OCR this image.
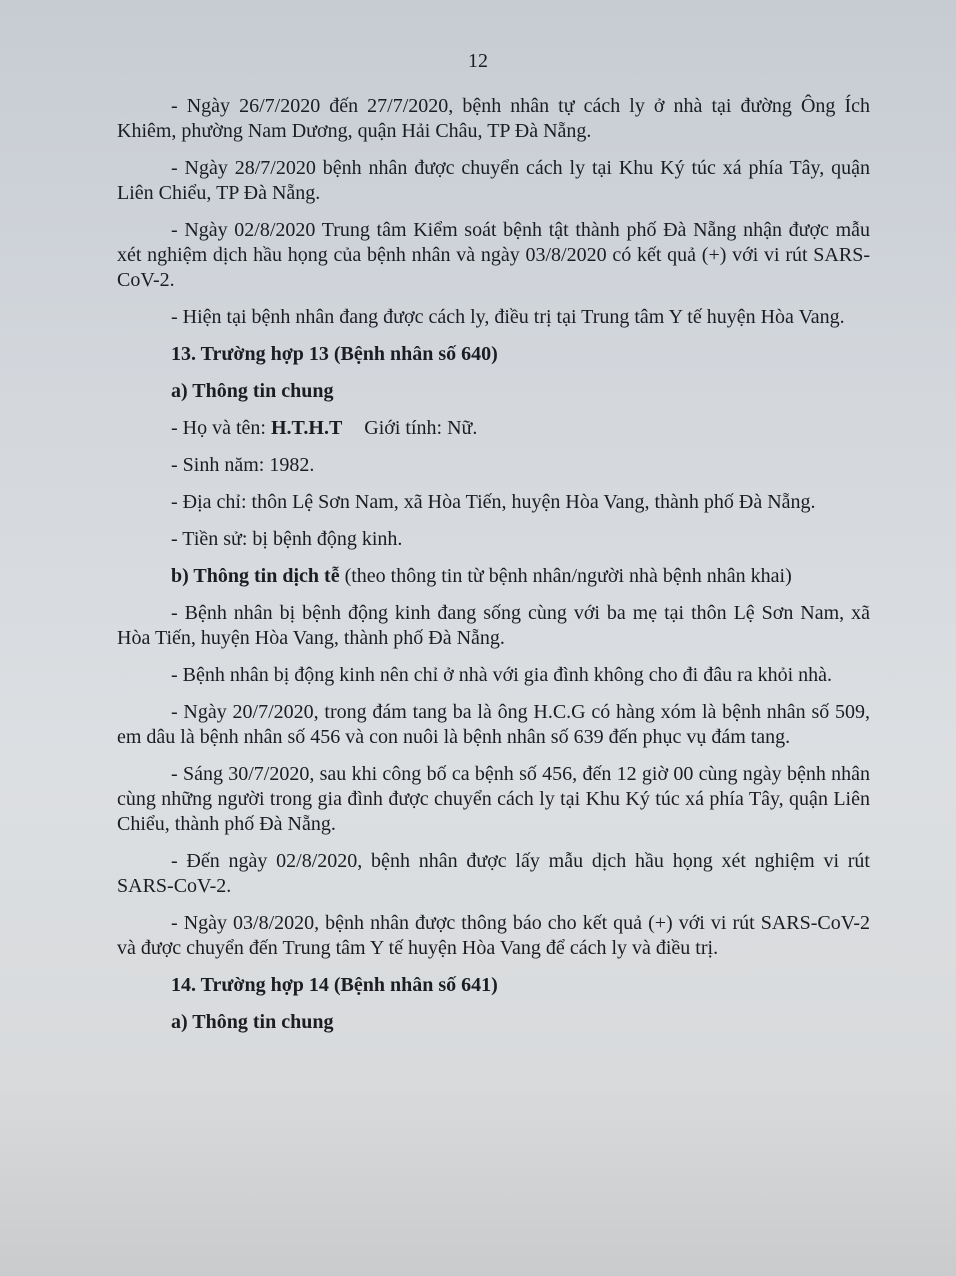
12

- Ngày 26/7/2020 đến 27/7/2020, bệnh nhân tự cách ly ở nhà tại đường Ông Ích Khiêm, phường Nam Dương, quận Hải Châu, TP Đà Nẵng.

- Ngày 28/7/2020 bệnh nhân được chuyển cách ly tại Khu Ký túc xá phía Tây, quận Liên Chiểu, TP Đà Nẵng.

- Ngày 02/8/2020 Trung tâm Kiểm soát bệnh tật thành phố Đà Nẵng nhận được mẫu xét nghiệm dịch hầu họng của bệnh nhân và ngày 03/8/2020 có kết quả (+) với vi rút SARS-CoV-2.

- Hiện tại bệnh nhân đang được cách ly, điều trị tại Trung tâm Y tế huyện Hòa Vang.

13. Trường hợp 13 (Bệnh nhân số 640)
a) Thông tin chung

- Họ và tên: H.T.H.T Giới tính: Nữ.

- Sinh năm: 1982.

- Địa chỉ: thôn Lệ Sơn Nam, xã Hòa Tiến, huyện Hòa Vang, thành phố Đà Nẵng.

- Tiền sử: bị bệnh động kinh.

b) Thông tin dịch tễ (theo thông tin từ bệnh nhân/người nhà bệnh nhân khai)

- Bệnh nhân bị bệnh động kinh đang sống cùng với ba mẹ tại thôn Lệ Sơn Nam, xã Hòa Tiến, huyện Hòa Vang, thành phố Đà Nẵng.

- Bệnh nhân bị động kinh nên chỉ ở nhà với gia đình không cho đi đâu ra khỏi nhà.

- Ngày 20/7/2020, trong đám tang ba là ông H.C.G có hàng xóm là bệnh nhân số 509, em dâu là bệnh nhân số 456 và con nuôi là bệnh nhân số 639 đến phục vụ đám tang.

- Sáng 30/7/2020, sau khi công bố ca bệnh số 456, đến 12 giờ 00 cùng ngày bệnh nhân cùng những người trong gia đình được chuyển cách ly tại Khu Ký túc xá phía Tây, quận Liên Chiểu, thành phố Đà Nẵng.

- Đến ngày 02/8/2020, bệnh nhân được lấy mẫu dịch hầu họng xét nghiệm vi rút SARS-CoV-2.

- Ngày 03/8/2020, bệnh nhân được thông báo cho kết quả (+) với vi rút SARS-CoV-2 và được chuyển đến Trung tâm Y tế huyện Hòa Vang để cách ly và điều trị.

14. Trường hợp 14 (Bệnh nhân số 641)
a) Thông tin chung
